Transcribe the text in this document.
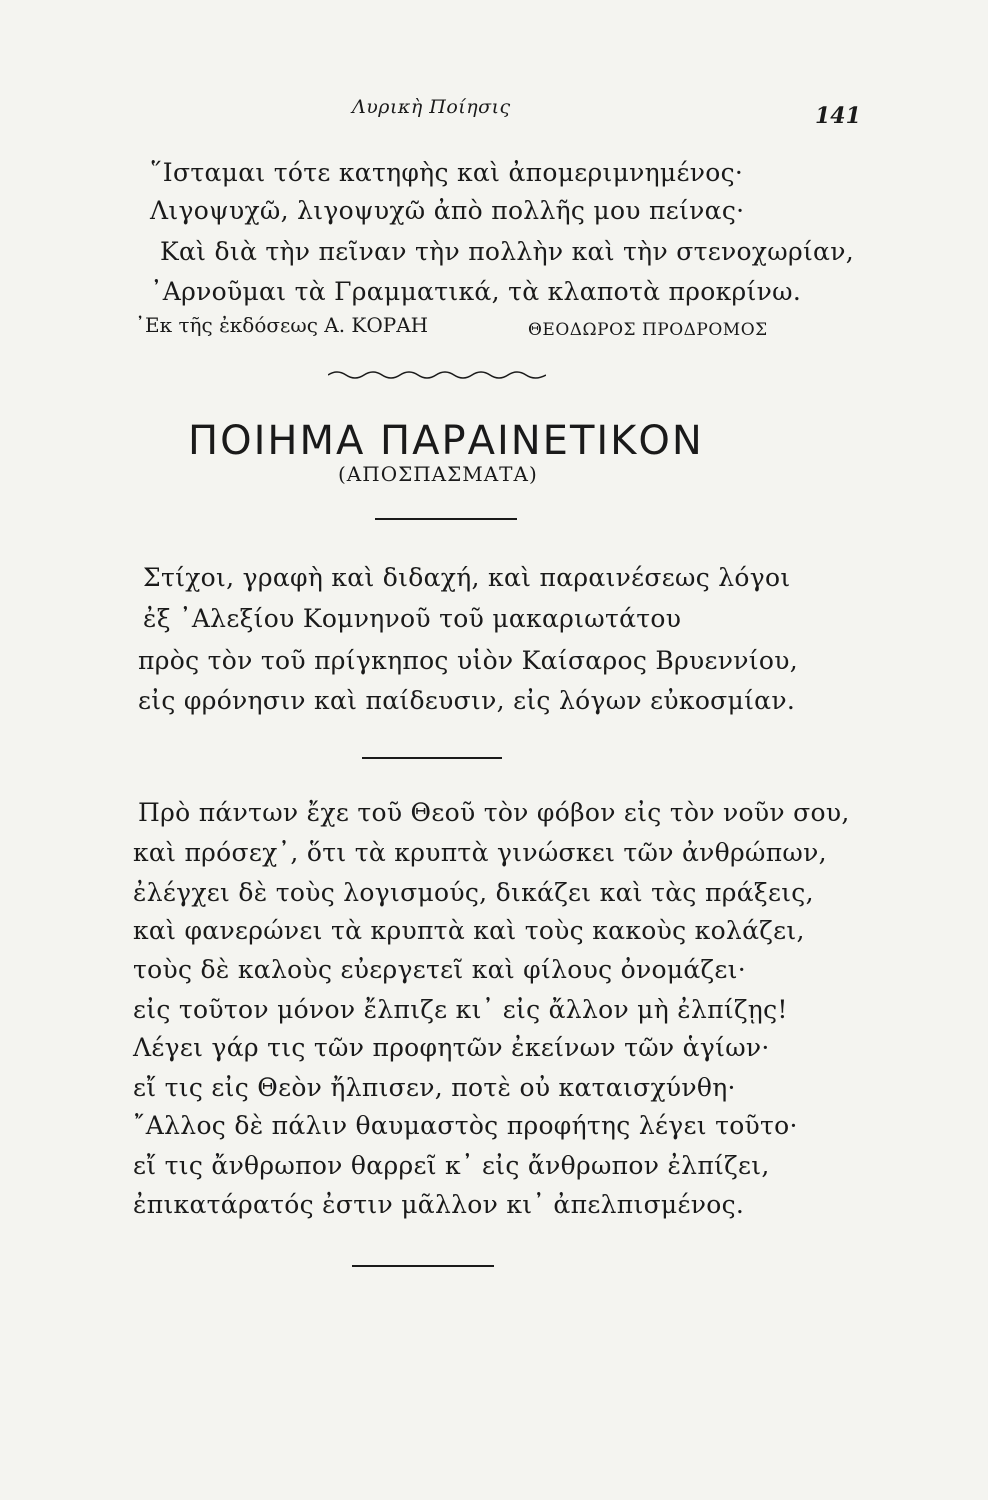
Λυρικὴ Ποίησις	141
῞Ισταμαι τότε κατηφὴς καὶ ἀπομεριμνημένος·
Λιγοψυχῶ, λιγοψυχῶ ἀπὸ πολλῆς μου πείνας·
Καὶ διὰ τὴν πεῖναν τὴν πολλὴν καὶ τὴν στενοχωρίαν,
᾿Αρνοῦμαι τὰ Γραμματικά, τὰ κλαποτὰ προκρίνω.
᾿Εκ τῆς ἐκδόσεως Α. ΚΟΡΑΗ	ΘΕΟΔΩΡΟΣ ΠΡΟΔΡΟΜΟΣ
ΠΟΙΗΜΑ ΠΑΡΑΙΝΕΤΙΚΟΝ
(ΑΠΟΣΠΑΣΜΑΤΑ)
Στίχοι, γραφὴ καὶ διδαχή, καὶ παραινέσεως λόγοι
ἐξ ᾿Αλεξίου Κομνηνοῦ τοῦ μακαριωτάτου
πρὸς τὸν τοῦ πρίγκηπος υἱὸν Καίσαρος Βρυεννίου,
εἰς φρόνησιν καὶ παίδευσιν, εἰς λόγων εὐκοσμίαν.
Πρὸ πάντων ἔχε τοῦ Θεοῦ τὸν φόβον εἰς τὸν νοῦν σου,
καὶ πρόσεχ᾿, ὅτι τὰ κρυπτὰ γινώσκει τῶν ἀνθρώπων,
ἐλέγχει δὲ τοὺς λογισμούς, δικάζει καὶ τὰς πράξεις,
καὶ φανερώνει τὰ κρυπτὰ καὶ τοὺς κακοὺς κολάζει,
τοὺς δὲ καλοὺς εὐεργετεῖ καὶ φίλους ὀνομάζει·
εἰς τοῦτον μόνον ἔλπιζε κι᾿ εἰς ἄλλον μὴ ἐλπίζῃς!
Λέγει γάρ τις τῶν προφητῶν ἐκείνων τῶν ἁγίων·
εἴ τις εἰς Θεὸν ἤλπισεν, ποτὲ οὐ καταισχύνθη·
῎Αλλος δὲ πάλιν θαυμαστὸς προφήτης λέγει τοῦτο·
εἴ τις ἄνθρωπον θαρρεῖ κ᾿ εἰς ἄνθρωπον ἐλπίζει,
ἐπικατάρατός ἐστιν μᾶλλον κι᾿ ἀπελπισμένος.
